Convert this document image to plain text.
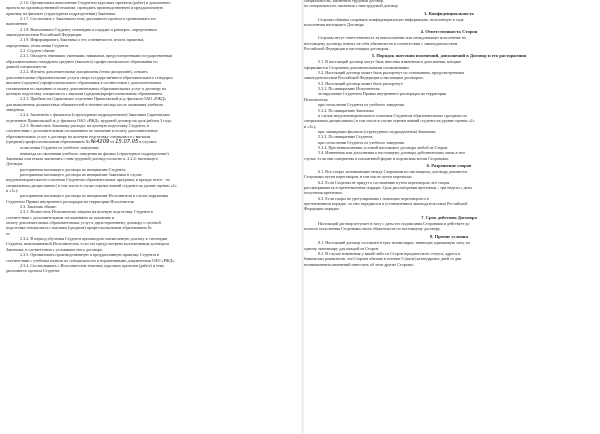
2.1.6. Организовать выполнение Студентом курсовых проектов (работ) и дипломного

проекта по производственной тематике, проводить производственную и преддипломную

практику на филиале (структурном подразделении) Заказчика.

2.1.7. Согласовать с Заказчиком тему дипломного проекта и организовать его

выполнение.

2.1.8. Выплачивать Студенту стипендию в порядке и размерах, определенных

законодательством Российской Федерации.

2.1.9. Информировать Заказчика о его успеваемости, итогах практики,

определении, отчисления Студента.

2.2. Студент обязан:

2.2.1. Овладеть знаниями, умениями, навыками, предусмотренными государственным

образовательным стандартом среднего (высшего) профессионального образования по

данной специальности.

2.2.2. Изучить дополнительные дисциплины (темы дисциплин), освоить

дополнительные образовательные услуги сверх государственного образовательного стандарта

высшего (среднего) профессионального образования в соответствии с дополнительным

соглашением по оказанию и оплату дополнительных образовательных услуг к договору на

целевую подготовку специалиста с высшим (средним)профессиональным образованием.

2.2.3. Прибыть на Саратовское отделение Приволжской ж.д.-филиала ОАО «РЖД»

для выполнения должностных обязанностей в течение месяца после окончания учебного

заведения.

2.2.4. Заключить с филиалом (структурным подразделением) Заказчика Саратовским

отделением Приволжской ж.д.-филиала ОАО «РЖД» трудовой договор на срок работы 3 года.

2.2.5. Возместить Заказчику расходы, на целевую подготовку Студента, в

соответствии с дополнительным соглашением по оказанию и оплату дополнительных

образовательных услуг к договору на целевую подготовку специалиста с высшим

(средним) профессиональным образованием № №4209 от 15.07.05 в случаях:

отчисления Студента из учебного заведения;

невыезда по окончании учебного заведения на филиал (структурное подразделение)

Заказчика или отказа заключить с ним трудовой договор согласно п. 2.2.4. настоящего

Договора

расторжения настоящего договора по инициативе Студента;

расторжения настоящего договора по инициативе Заказчика в случае

неудовлетворительного освоения Студентом образовательных программ, в прежде всего - по

специальным дисциплинам ( в том числе в случае оценки знаний студента на уровне оценки «2»

и «3»);

расторжения настоящего договора по инициативе Исполнителя в случае нарушения

Студентом Правил внутреннего распорядка на территории Исполнителя.

2.3. Заказчик обязан:

2.3.1. Возместить Исполнителю затраты на целевую подготовку Студента в

соответствии с дополнительным соглашением по оказанию и

оплату дополнительных образовательных услуг к двухсторонннему договору о целевой

подготовке специалиста с высшим (средним) профессиональным образованием №

от

2.3.2. В период обучения Студента производить ежемесячную доплату к стипендии

Студента, выплачиваемой Исполнителем, если это предусмотрено коллективным договором

Заказчика, в соответствии с условиями этого договора.

2.3.3. Организовать производственную и преддипломную практику Студента в

соответствии с учебным планом по специальности и нормативными документами ОАО «РЖД».

2.3.4. Согласовывать с Исполнителем тематику курсовых проектов (работ) и тему

дипломного проекта Студента.

специальности, заключить трудовой договор.

по специальности, заключив с ним трудовой договор.

3. Конфиденциальность

Стороны обязаны сохранять конфиденциальную информацию, полученную в ходе

исполнения настоящего Договора.

4. Ответственность Сторон

Стороны несут ответственность за неисполнение или ненадлежащее исполнение по

настоящему договору взятых на себя обязательств в соответствии с законодательством

Российской Федерации и настоящим договором.

5. Порядок внесения изменений, дополнений в Договор и его расторжения

5.1. В настоящий договор могут быть внесены изменения и дополнения, которые

оформляются Сторонами дополнительными соглашениями.

5.2. Настоящий договор может быть расторгнут по основаниям, предусмотренным

законодательством Российской Федерации и настоящим договором.

5.3. Настоящий договор может быть расторгнут:

5.3.1. По инициативе Исполнителя:

за нарушение Студентом Правил внутреннего распорядка на территории

Исполнителя;

при отчислении Студента из учебного заведения.

5.3.2. По инициативе Заказчика:

в случае неудовлетворительного освоения Студентом образовательных программ по

специальным дисциплинам ( в том числе в случае оценки знаний студента на уровне оценки «2»

и «3»);

при ликвидации филиала (структурного подразделения) Заказчика.

5.3.3. По инициативе Студента;

при отчислении Студента из учебного заведения.

5.3.4. При невыполнении условий настоящего договора любой из Сторон.

5.4. Изменения или дополнения к настоящему договору действительны лишь в том

случае, если они совершены в письменной форме и подписаны всеми Сторонами.

6. Разрешение споров

6.1. Все споры, возникающие между Сторонами по настоящему договору, решаются

Сторонами путем переговоров, в том числе путем переписки.

6.2. Если Стороны не придут к соглашению путем переговоров, все споры

рассматриваются в претензионном порядке. Срок рассмотрения претензии – три недели с даты

получения претензии.

6.3. Если споры не урегулированы с помощью переговоров и в

претензионном порядке, то они передаются в установленном законодательством Российской

Федерации порядке.

7. Срок действия Договора

Настоящий договор вступает в силу с даты его подписания Сторонами и действует до

полного исполнения Сторонами своих обязательств по настоящему договору.

8. Прочие условия

8.1. Настоящий договор составлен в трех экземплярах, имеющих одинаковую силу, по

одному экземпляру для каждой из Сторон.

8.2. В случае изменения у какой-либо из Сторон юридического статуса, адреса и

банковских реквизитов, эта Сторона обязана в течение 5 (пяти) календарных дней со дня

возникновения изменений известить об этом другие Стороны.
